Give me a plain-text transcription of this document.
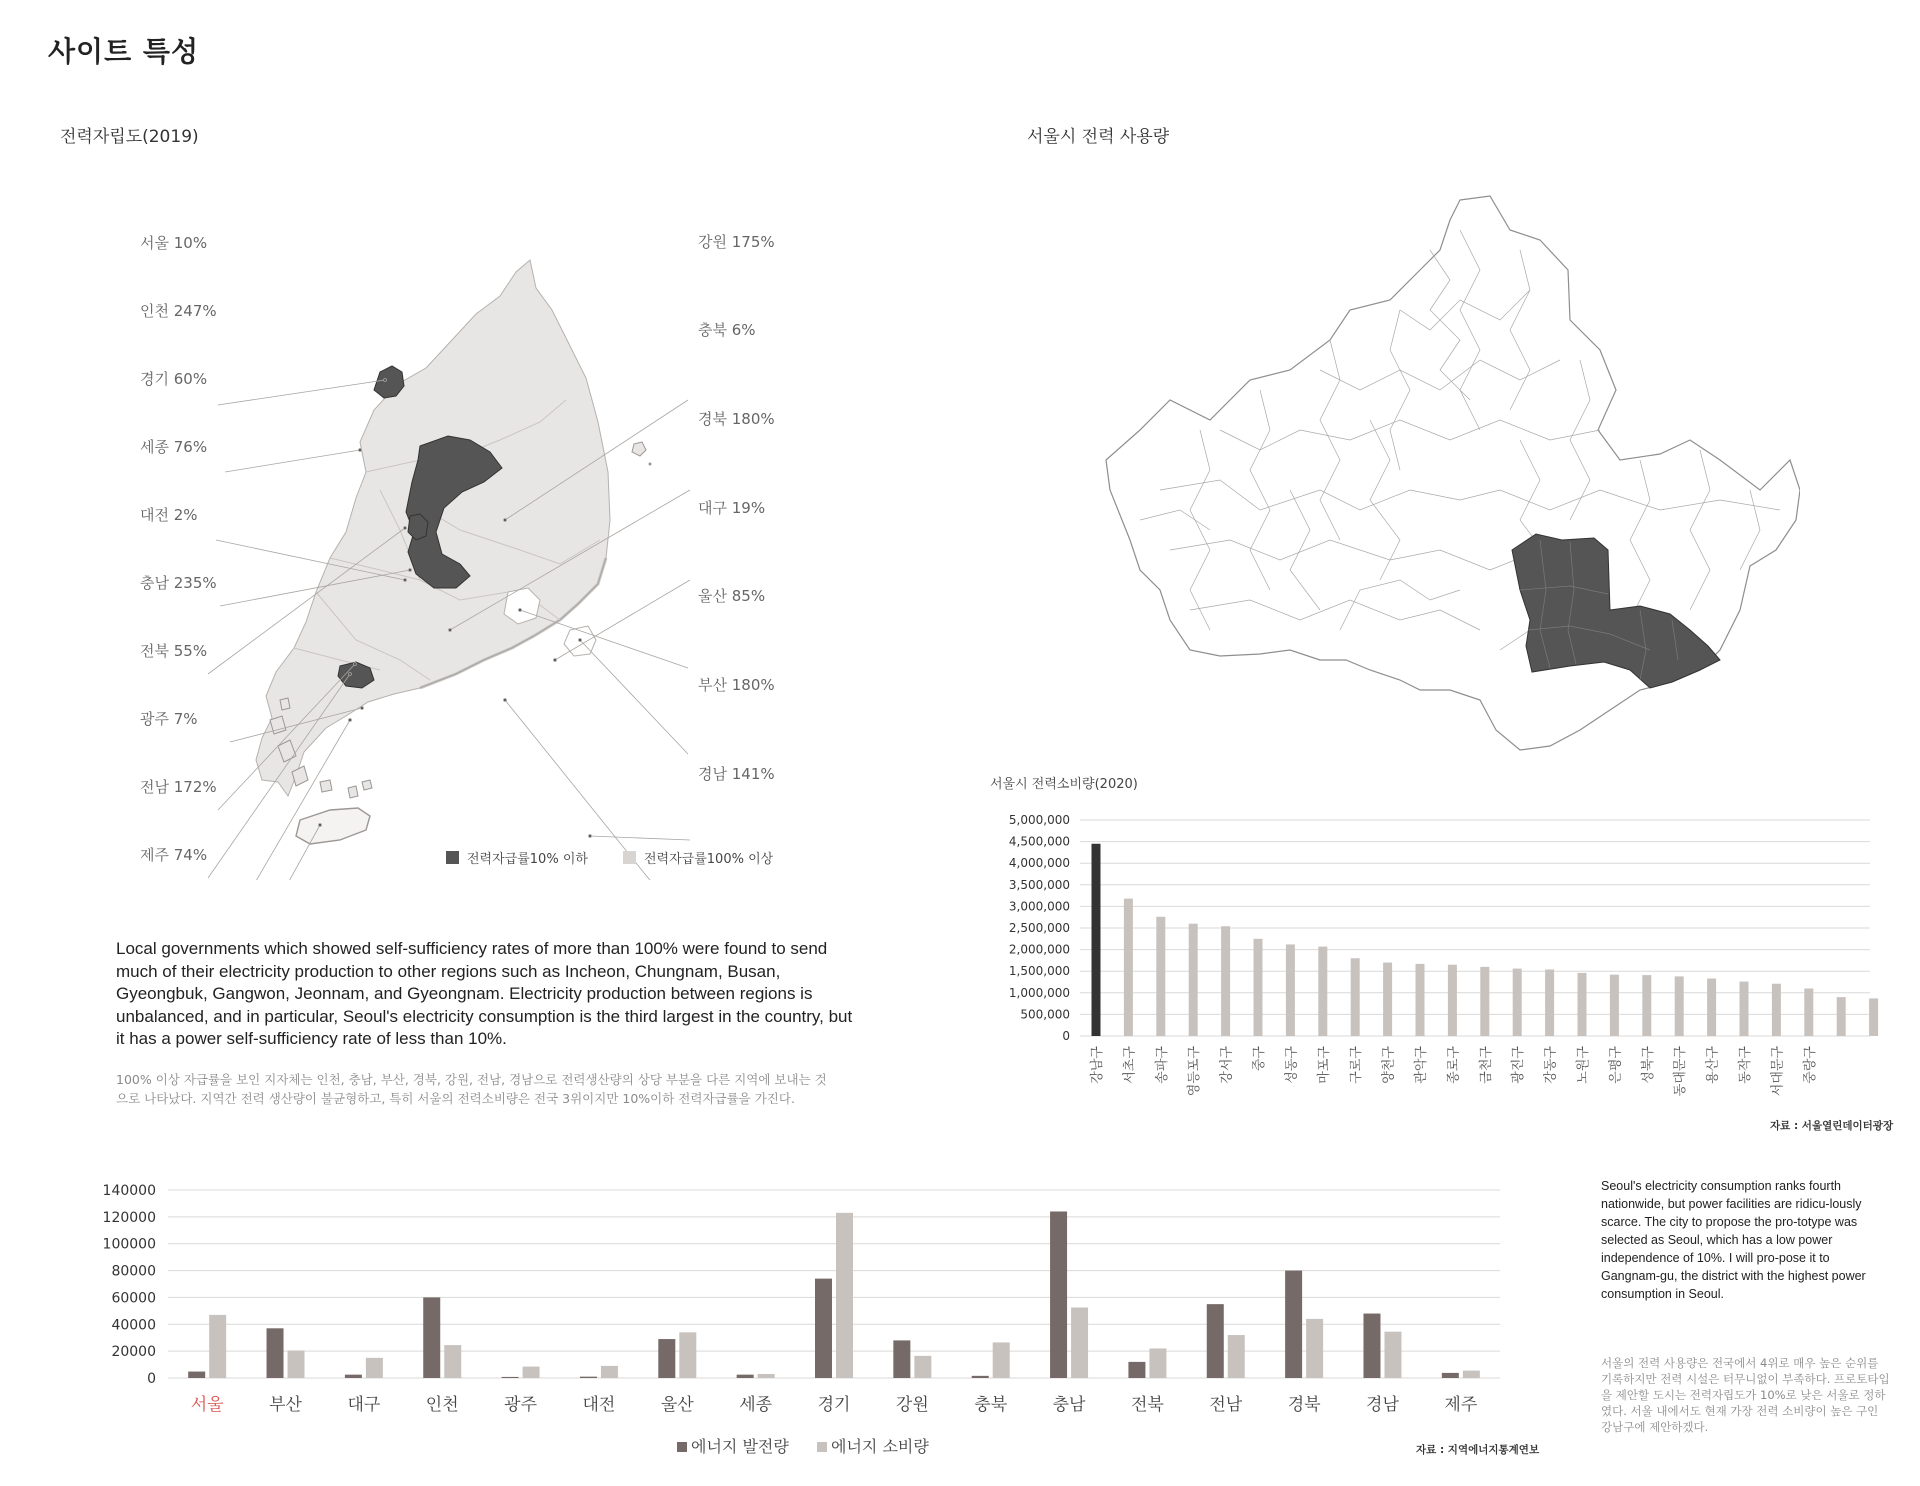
사이트 특성
전력자립도(2019)
서울 10%
인천 247%
경기 60%
세종 76%
대전 2%
충남 235%
전북 55%
광주 7%
전남 172%
제주 74%
강원 175%
충북 6%
경북 180%
대구 19%
울산 85%
부산 180%
경남 141%
전력자급률10% 이하	전력자급률100% 이상
Local governments which showed self-sufficiency rates of more than 100% were found to send much of their electricity production to other regions such as Incheon, Chungnam, Busan, Gyeongbuk, Gangwon, Jeonnam, and Gyeongnam. Electricity production between regions is unbalanced, and in particular, Seoul's electricity consumption is the third largest in the country, but it has a power self-sufficiency rate of less than 10%.
100% 이상 자급률을 보인 지자체는 인천, 충남, 부산, 경북, 강원, 전남, 경남으로 전력생산량의 상당 부분을 다른 지역에 보내는 것으로 나타났다. 지역간 전력 생산량이 불균형하고, 특히 서울의 전력소비량은 전국 3위이지만 10%이하 전력자급률을 가진다.
서울시 전력 사용량
서울시 전력소비량(2020)
5,000,000
4,500,000
4,000,000
3,500,000
3,000,000
2,500,000
2,000,000
1,500,000
1,000,000
500,000
0
강남구 서초구 송파구 영등포구 강서구 중구 성동구 마포구 구로구 양천구 관악구 종로구 금천구 광진구 강동구 노원구 은평구 성북구 동대문구 용산구 동작구 서대문구 중랑구
자료 : 서울열린데이터광장
140000
120000
100000
80000
60000
40000
20000
0
서울	부산	대구	인천	광주	대전	울산	세종	경기	강원	충북	충남	전북	전남	경북	경남	제주
에너지 발전량	에너지 소비량	자료 : 지역에너지통계연보
Seoul's electricity consumption ranks fourth nationwide, but power facilities are ridicu-lously scarce. The city to propose the pro-totype was selected as Seoul, which has a low power independence of 10%. I will pro-pose it to Gangnam-gu, the district with the highest power consumption in Seoul.
서울의 전력 사용량은 전국에서 4위로 매우 높은 순위를 기록하지만 전력 시설은 터무니없이 부족하다. 프로토타입을 제안할 도시는 전력자립도가 10%로 낮은 서울로 정하였다. 서울 내에서도 현재 가장 전력 소비량이 높은 구인 강남구에 제안하겠다.
